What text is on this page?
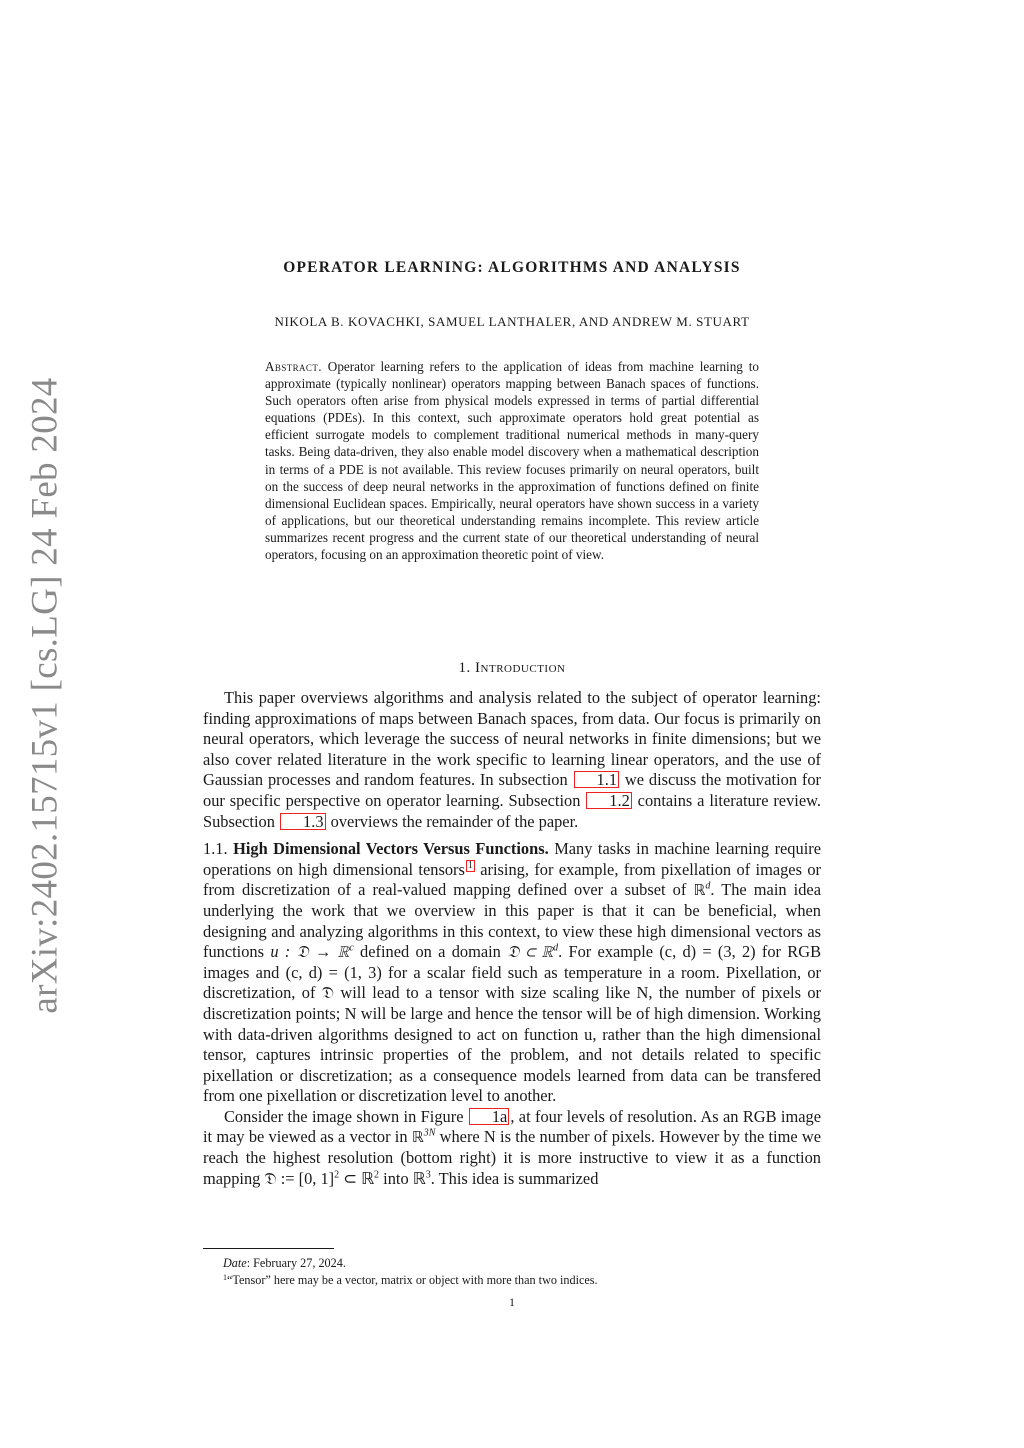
arXiv:2402.15715v1 [cs.LG] 24 Feb 2024
OPERATOR LEARNING: ALGORITHMS AND ANALYSIS
NIKOLA B. KOVACHKI, SAMUEL LANTHALER, AND ANDREW M. STUART
Abstract. Operator learning refers to the application of ideas from machine learning to approximate (typically nonlinear) operators mapping between Banach spaces of functions. Such operators often arise from physical models expressed in terms of partial differential equations (PDEs). In this context, such approximate operators hold great potential as efficient surrogate models to complement traditional numerical methods in many-query tasks. Being data-driven, they also enable model discovery when a mathematical description in terms of a PDE is not available. This review focuses primarily on neural operators, built on the success of deep neural networks in the approximation of functions defined on finite dimensional Euclidean spaces. Empirically, neural operators have shown success in a variety of applications, but our theoretical understanding remains incomplete. This review article summarizes recent progress and the current state of our theoretical understanding of neural operators, focusing on an approximation theoretic point of view.
1. Introduction

This paper overviews algorithms and analysis related to the subject of operator learning: finding approximations of maps between Banach spaces, from data. Our focus is primarily on neural operators, which leverage the success of neural networks in finite dimensions; but we also cover related literature in the work specific to learning linear operators, and the use of Gaussian processes and random features. In subsection 1.1 we discuss the motivation for our specific perspective on operator learning. Subsection 1.2 contains a literature review. Subsection 1.3 overviews the remainder of the paper.

1.1. High Dimensional Vectors Versus Functions. Many tasks in machine learning require operations on high dimensional tensors 1 arising, for example, from pixellation of images or from discretization of a real-valued mapping defined over a subset of ℝ$^d$. The main idea underlying the work that we overview in this paper is that it can be beneficial, when designing and analyzing algorithms in this context, to view these high dimensional vectors as functions u : 𝔇 → ℝ$^c$ defined on a domain 𝔇 ⊂ ℝ$^d$. For example (c, d) = (3, 2) for RGB images and (c, d) = (1, 3) for a scalar field such as temperature in a room. Pixellation, or discretization, of 𝔇 will lead to a tensor with size scaling like N, the number of pixels or discretization points; N will be large and hence the tensor will be of high dimension. Working with data-driven algorithms designed to act on function u, rather than the high dimensional tensor, captures intrinsic properties of the problem, and not details related to specific pixellation or discretization; as a consequence models learned from data can be transfered from one pixellation or discretization level to another.

Consider the image shown in Figure 1a , at four levels of resolution. As an RGB image it may be viewed as a vector in ℝ$^{3N}$ where N is the number of pixels. However by the time we reach the highest resolution (bottom right) it is more instructive to view it as a function mapping 𝔇 := [0, 1]$^2$ ⊂ ℝ$^2$ into ℝ$^3$. This idea is summarized

Date: February 27, 2024.
$^1$“Tensor” here may be a vector, matrix or object with more than two indices.
1
